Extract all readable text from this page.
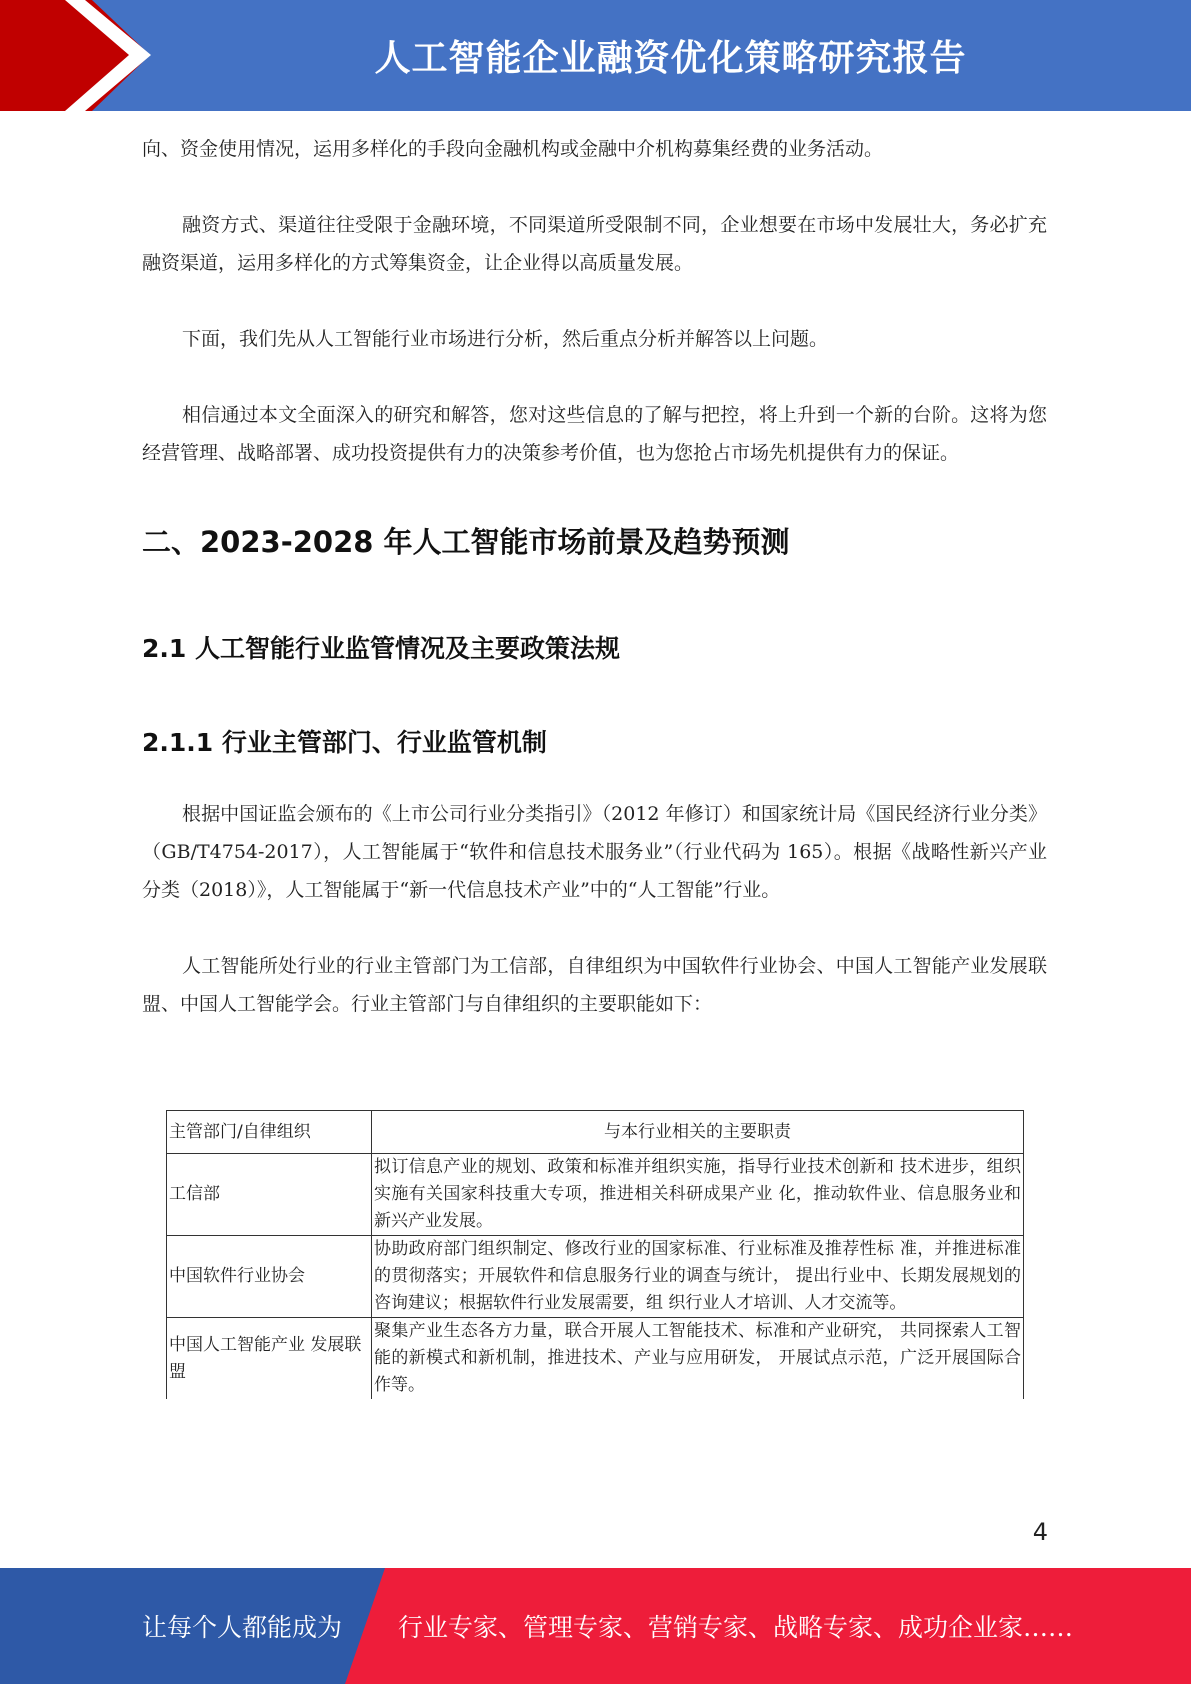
人工智能企业融资优化策略研究报告

向、资金使用情况，运用多样化的手段向金融机构或金融中介机构募集经费的业务活动。

融资方式、渠道往往受限于金融环境，不同渠道所受限制不同，企业想要在市场中发展壮大，务必扩充融资渠道，运用多样化的方式筹集资金，让企业得以高质量发展。

下面，我们先从人工智能行业市场进行分析，然后重点分析并解答以上问题。

相信通过本文全面深入的研究和解答，您对这些信息的了解与把控，将上升到一个新的台阶。这将为您经营管理、战略部署、成功投资提供有力的决策参考价值，也为您抢占市场先机提供有力的保证。

二、2023-2028 年人工智能市场前景及趋势预测
2.1 人工智能行业监管情况及主要政策法规
2.1.1 行业主管部门、行业监管机制

根据中国证监会颁布的《上市公司行业分类指引》（2012 年修订）和国家统计局《国民经济行业分类》（GB/T4754-2017），人工智能属于“软件和信息技术服务业”（行业代码为 165）。根据《战略性新兴产业分类（2018）》，人工智能属于“新一代信息技术产业”中的“人工智能”行业。

人工智能所处行业的行业主管部门为工信部，自律组织为中国软件行业协会、中国人工智能产业发展联盟、中国人工智能学会。行业主管部门与自律组织的主要职能如下：

主管部门/自律组织	与本行业相关的主要职责
工信部	拟订信息产业的规划、政策和标准并组织实施，指导行业技术创新和 技术进步，组织实施有关国家科技重大专项，推进相关科研成果产业 化，推动软件业、信息服务业和新兴产业发展。
中国软件行业协会	协助政府部门组织制定、修改行业的国家标准、行业标准及推荐性标 准，并推进标准的贯彻落实；开展软件和信息服务行业的调查与统计， 提出行业中、长期发展规划的咨询建议；根据软件行业发展需要，组 织行业人才培训、人才交流等。
中国人工智能产业 发展联盟	聚集产业生态各方力量，联合开展人工智能技术、标准和产业研究， 共同探索人工智能的新模式和新机制，推进技术、产业与应用研发， 开展试点示范，广泛开展国际合作等。
4
让每个人都能成为 行业专家、管理专家、营销专家、战略专家、成功企业家……
